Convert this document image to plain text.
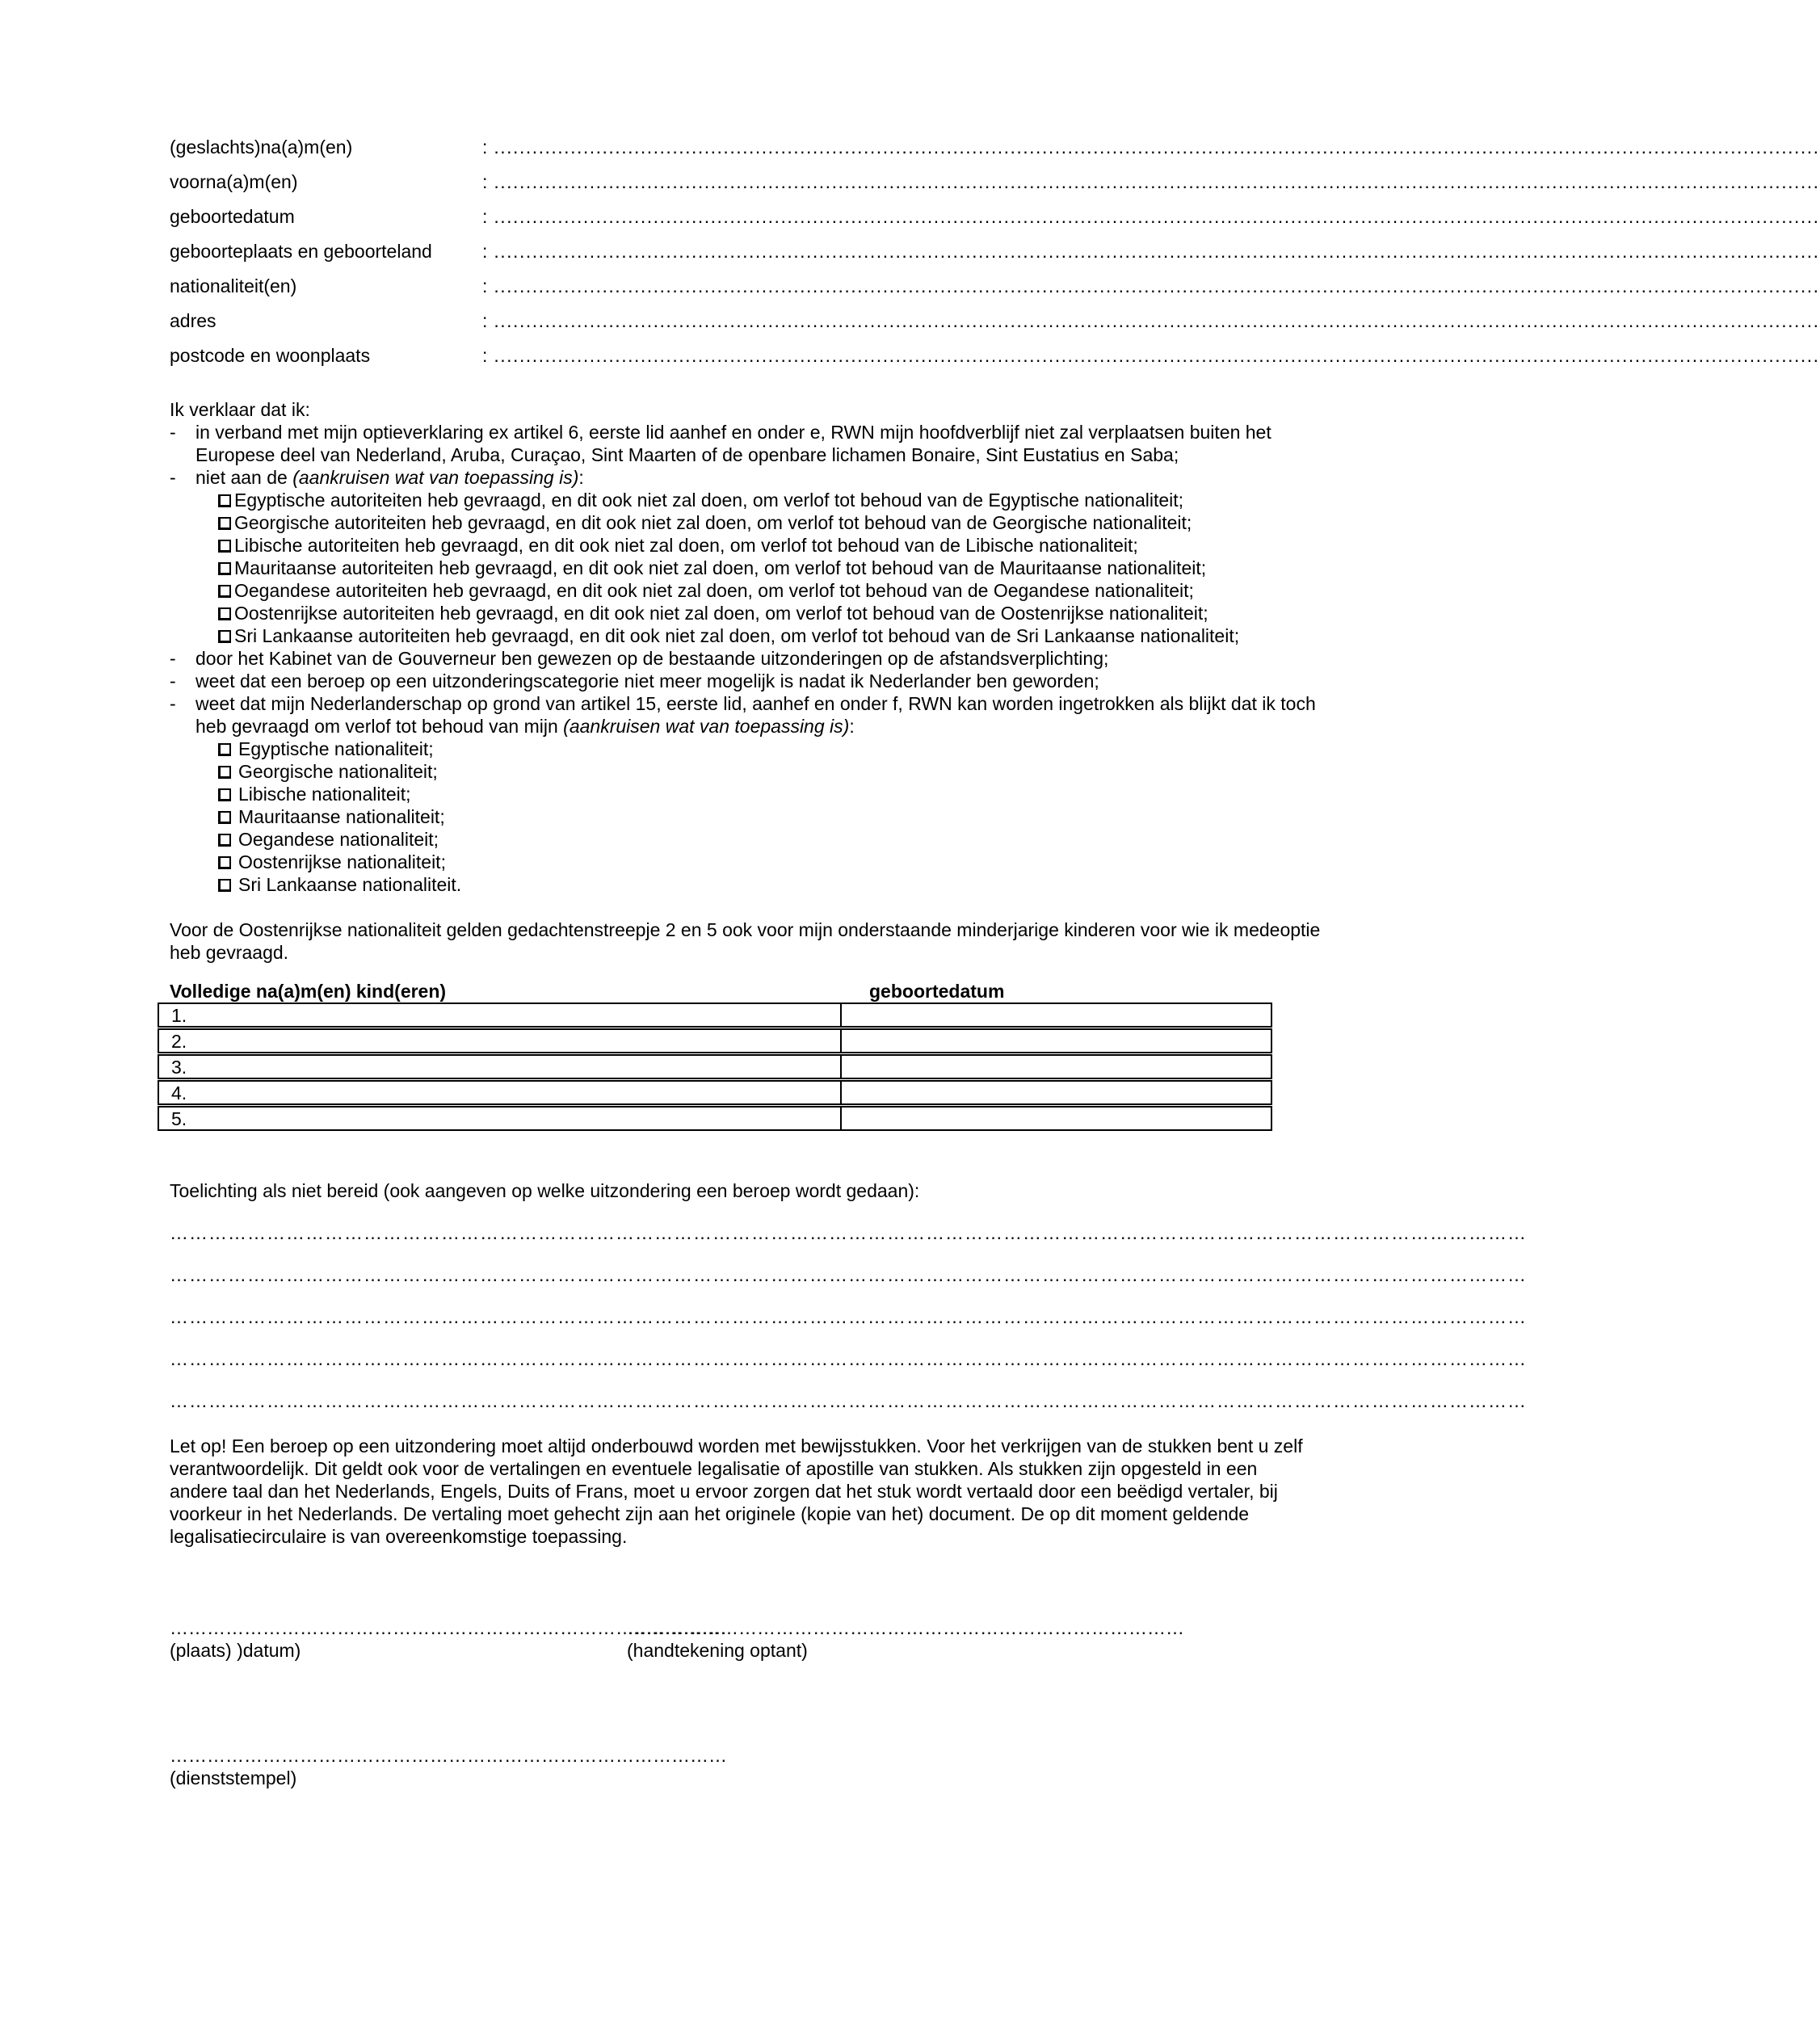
(geslachts)na(a)m(en)	: ................................................................................................................................................................................................................
voorna(a)m(en)	: ................................................................................................................................................................................................................
geboortedatum	: ................................................................................................................................................................................................................
geboorteplaats en geboorteland	: ................................................................................................................................................................................................................
nationaliteit(en)	: ................................................................................................................................................................................................................
adres	: ................................................................................................................................................................................................................
postcode en woonplaats	: ................................................................................................................................................................................................................
Ik verklaar dat ik:
- in verband met mijn optieverklaring ex artikel 6, eerste lid aanhef en onder e, RWN mijn hoofdverblijf niet zal verplaatsen buiten het Europese deel van Nederland, Aruba, Curaçao, Sint Maarten of de openbare lichamen Bonaire, Sint Eustatius en Saba;
- niet aan de (aankruisen wat van toepassing is):
Egyptische autoriteiten heb gevraagd, en dit ook niet zal doen, om verlof tot behoud van de Egyptische nationaliteit;
Georgische autoriteiten heb gevraagd, en dit ook niet zal doen, om verlof tot behoud van de Georgische nationaliteit;
Libische autoriteiten heb gevraagd, en dit ook niet zal doen, om verlof tot behoud van de Libische nationaliteit;
Mauritaanse autoriteiten heb gevraagd, en dit ook niet zal doen, om verlof tot behoud van de Mauritaanse nationaliteit;
Oegandese autoriteiten heb gevraagd, en dit ook niet zal doen, om verlof tot behoud van de Oegandese nationaliteit;
Oostenrijkse autoriteiten heb gevraagd, en dit ook niet zal doen, om verlof tot behoud van de Oostenrijkse nationaliteit;
Sri Lankaanse autoriteiten heb gevraagd, en dit ook niet zal doen, om verlof tot behoud van de Sri Lankaanse nationaliteit;
- door het Kabinet van de Gouverneur ben gewezen op de bestaande uitzonderingen op de afstandsverplichting;
- weet dat een beroep op een uitzonderingscategorie niet meer mogelijk is nadat ik Nederlander ben geworden;
- weet dat mijn Nederlanderschap op grond van artikel 15, eerste lid, aanhef en onder f, RWN kan worden ingetrokken als blijkt dat ik toch heb gevraagd om verlof tot behoud van mijn (aankruisen wat van toepassing is):
Egyptische nationaliteit;
Georgische nationaliteit;
Libische nationaliteit;
Mauritaanse nationaliteit;
Oegandese nationaliteit;
Oostenrijkse nationaliteit;
Sri Lankaanse nationaliteit.

Voor de Oostenrijkse nationaliteit gelden gedachtenstreepje 2 en 5 ook voor mijn onderstaande minderjarige kinderen voor wie ik medeoptie heb gevraagd.

Volledige na(a)m(en) kind(eren)	geboortedatum
1.
2.
3.
4.
5.

Toelichting als niet bereid (ook aangeven op welke uitzondering een beroep wordt gedaan):

…………………………………………………………………………………………………………………………………………………………………………………………
…………………………………………………………………………………………………………………………………………………………………………………………
…………………………………………………………………………………………………………………………………………………………………………………………
…………………………………………………………………………………………………………………………………………………………………………………………
…………………………………………………………………………………………………………………………………………………………………………………………

Let op! Een beroep op een uitzondering moet altijd onderbouwd worden met bewijsstukken. Voor het verkrijgen van de stukken bent u zelf verantwoordelijk. Dit geldt ook voor de vertalingen en eventuele legalisatie of apostille van stukken. Als stukken zijn opgesteld in een andere taal dan het Nederlands, Engels, Duits of Frans, moet u ervoor zorgen dat het stuk wordt vertaald door een beëdigd vertaler, bij voorkeur in het Nederlands. De vertaling moet gehecht zijn aan het originele (kopie van het) document. De op dit moment geldende legalisatiecirculaire is van overeenkomstige toepassing.

………………………………………………………………………………
(plaats) )datum)
………………………………………………………………………………
(handtekening optant)
………………………………………………………………………………
(dienststempel)
